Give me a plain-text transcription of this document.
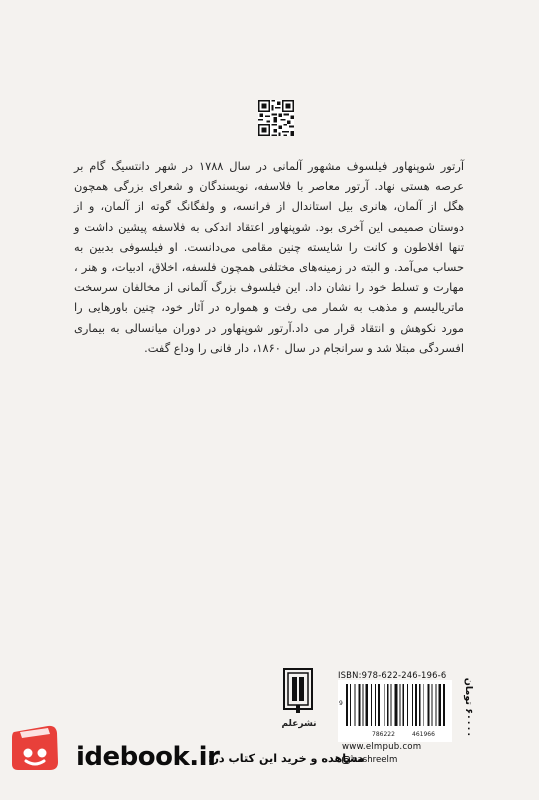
آرتور شوپنهاور فیلسوف مشهور آلمانی در سال ۱۷۸۸ در شهر دانتسیگ گام بر عرصه هستی نهاد. آرتور معاصر با فلاسفه، نویسندگان و شعرای بزرگی همچون هگل از آلمان، هانری بیل استاندال از فرانسه، و ولفگانگ گوته از آلمان، و از دوستان صمیمی این آخری بود. شوپنهاور اعتقاد اندکی به فلاسفه پیشین داشت و تنها افلاطون و کانت را شایسته چنین مقامی می‌دانست. او فیلسوفی بدبین به حساب می‌آمد. و البته در زمینه‌های مختلفی همچون فلسفه، اخلاق، ادبیات، و هنر ، مهارت و تسلط خود را نشان داد. این فیلسوف بزرگ آلمانی از مخالفان سرسخت ماتریالیسم و مذهب به شمار می رفت و همواره در آثار خود، چنین باورهایی را مورد نکوهش و انتقاد قرار می داد.آرتور شوپنهاور در دوران میانسالی به بیماری افسردگی مبتلا شد و سرانجام در سال ۱۸۶۰، دار فانی را وداع گفت.
نشرعلم
ISBN:978-622-246-196-6
9
786222	461966
۶۰۰۰۰ تومان
www.elmpub.com
nashreelm
idebook.ir
مشاهده و خرید این کتاب در:
